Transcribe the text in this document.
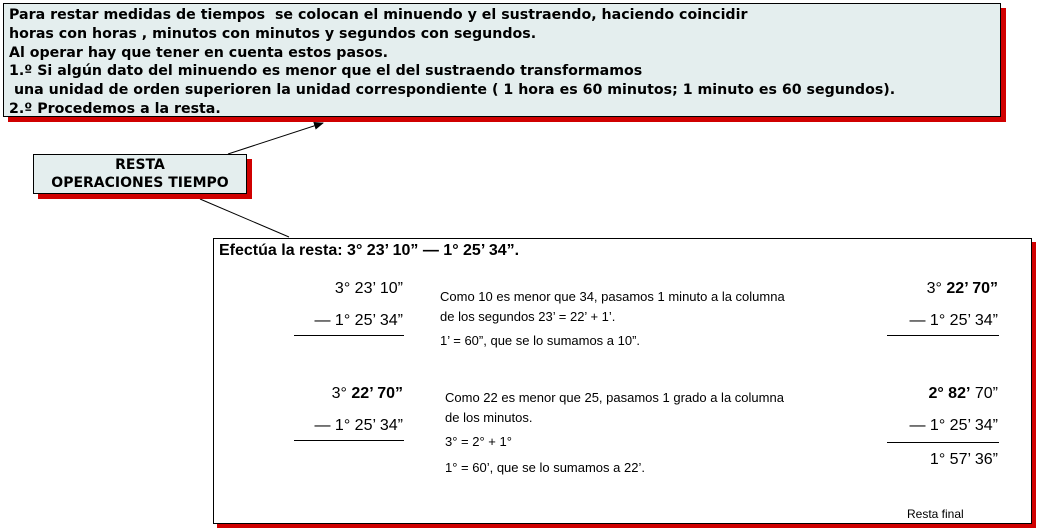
Para restar medidas de tiempos  se colocan el minuendo y el sustraendo, haciendo coincidir
horas con horas , minutos con minutos y segundos con segundos.
Al operar hay que tener en cuenta estos pasos.
1.º Si algún dato del minuendo es menor que el del sustraendo transformamos
una unidad de orden superioren la unidad correspondiente ( 1 hora es 60 minutos; 1 minuto es 60 segundos).
2.º Procedemos a la resta.
RESTA
OPERACIONES TIEMPO
Efectúa la resta: 3° 23’ 10” — 1° 25’ 34”.
3° 23’ 10”
— 1° 25’ 34”
Como 10 es menor que 34, pasamos 1 minuto a la columna
de los segundos 23’ = 22’ + 1’.
1’ = 60”, que se lo sumamos a 10”.
3° 22’ 70”
— 1° 25’ 34”
3° 22’ 70”
— 1° 25’ 34”
Como 22 es menor que 25, pasamos 1 grado a la columna
de los minutos.
3° = 2° + 1°
1° = 60’, que se lo sumamos a 22’.
2° 82’ 70”
— 1° 25’ 34”
1° 57’ 36”
Resta final
